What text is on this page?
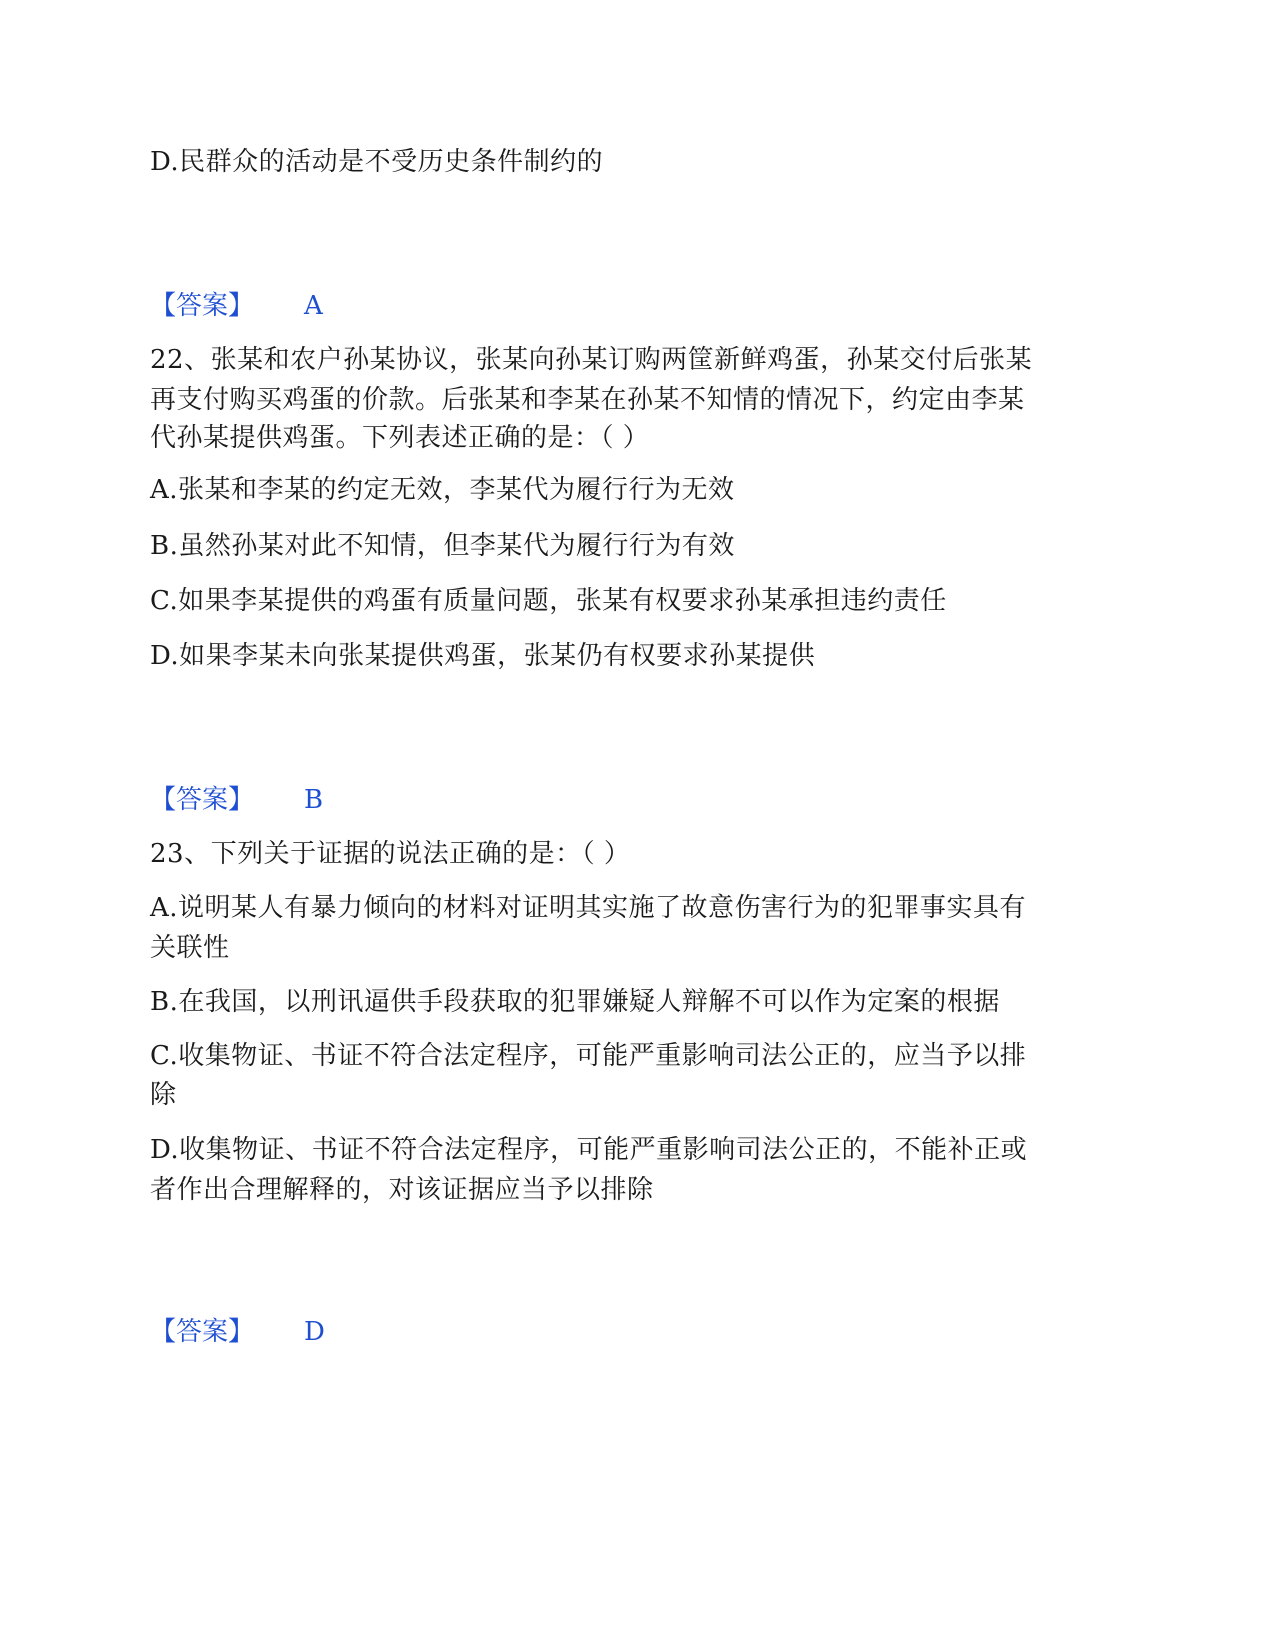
D.民群众的活动是不受历史条件制约的
【答案】 A
22、张某和农户孙某协议，张某向孙某订购两筐新鲜鸡蛋，孙某交付后张某
再支付购买鸡蛋的价款。后张某和李某在孙某不知情的情况下，约定由李某
代孙某提供鸡蛋。下列表述正确的是：（ ）
A.张某和李某的约定无效，李某代为履行行为无效
B.虽然孙某对此不知情，但李某代为履行行为有效
C.如果李某提供的鸡蛋有质量问题，张某有权要求孙某承担违约责任
D.如果李某未向张某提供鸡蛋，张某仍有权要求孙某提供
【答案】 B
23、下列关于证据的说法正确的是：（ ）
A.说明某人有暴力倾向的材料对证明其实施了故意伤害行为的犯罪事实具有
关联性
B.在我国，以刑讯逼供手段获取的犯罪嫌疑人辩解不可以作为定案的根据
C.收集物证、书证不符合法定程序，可能严重影响司法公正的，应当予以排
除
D.收集物证、书证不符合法定程序，可能严重影响司法公正的，不能补正或
者作出合理解释的，对该证据应当予以排除
【答案】 D
